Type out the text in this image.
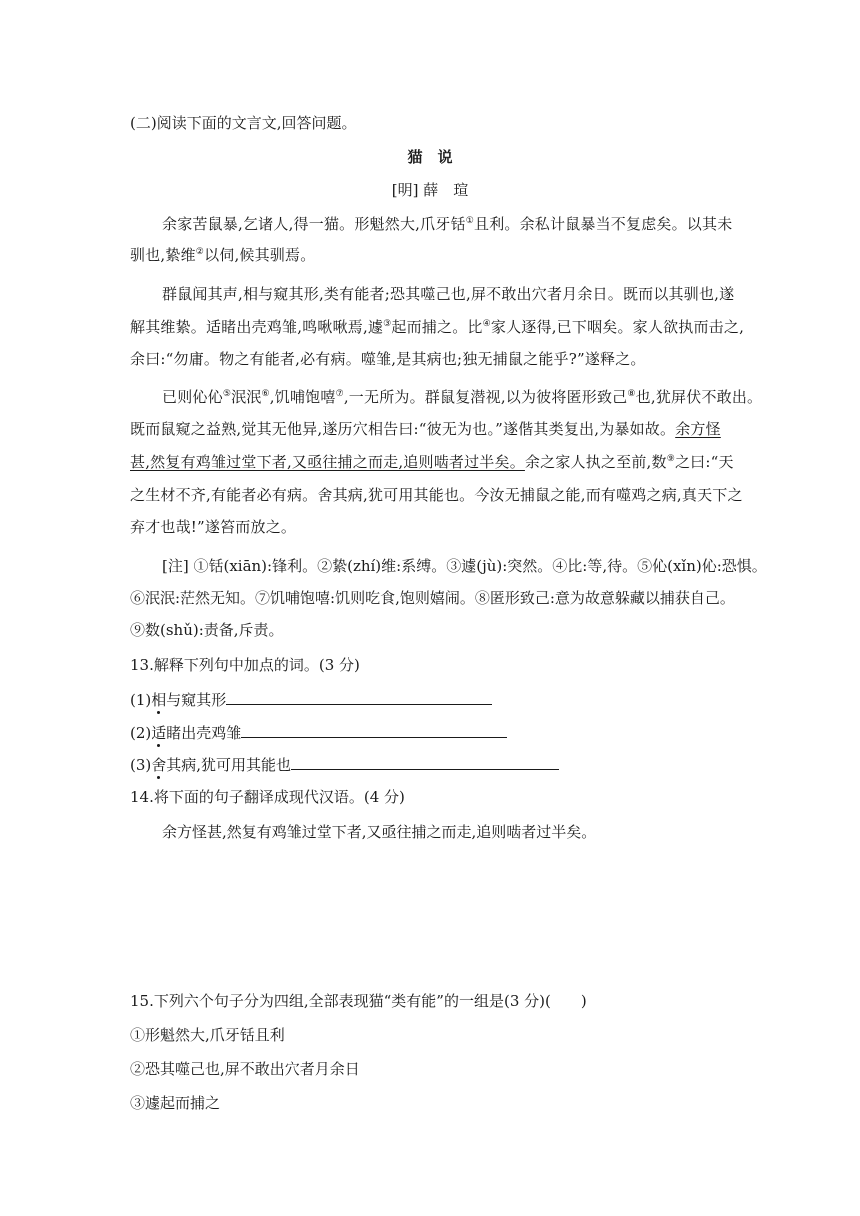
(二)阅读下面的文言文,回答问题。
猫　说
[明] 薛　瑄
余家苦鼠暴,乞诸人,得一猫。形魁然大,爪牙铦①且利。余私计鼠暴当不复虑矣。以其未
驯也,絷维②以伺,候其驯焉。
群鼠闻其声,相与窥其形,类有能者;恐其噬己也,屏不敢出穴者月余日。既而以其驯也,遂
解其维絷。适睹出壳鸡雏,鸣啾啾焉,遽③起而捕之。比④家人逐得,已下咽矣。家人欲执而击之,
余曰:“勿庸。物之有能者,必有病。噬雏,是其病也;独无捕鼠之能乎?”遂释之。
已则伈伈⑤泯泯⑥,饥哺饱嘻⑦,一无所为。群鼠复潜视,以为彼将匿形致己⑧也,犹屏伏不敢出。
既而鼠窥之益熟,觉其无他异,遂历穴相告曰:“彼无为也。”遂偕其类复出,为暴如故。余方怪
甚,然复有鸡雏过堂下者,又亟往捕之而走,追则啮者过半矣。余之家人执之至前,数⑨之曰:“天
之生材不齐,有能者必有病。舍其病,犹可用其能也。今汝无捕鼠之能,而有噬鸡之病,真天下之
弃才也哉!”遂笞而放之。
[注] ①铦(xiān):锋利。②絷(zhí)维:系缚。③遽(jù):突然。④比:等,待。⑤伈(xǐn)伈:恐惧。
⑥泯泯:茫然无知。⑦饥哺饱嘻:饥则吃食,饱则嬉闹。⑧匿形致己:意为故意躲藏以捕获自己。
⑨数(shǔ):责备,斥责。
13.解释下列句中加点的词。(3 分)
(1)相与窥其形
(2)适睹出壳鸡雏
(3)舍其病,犹可用其能也
14.将下面的句子翻译成现代汉语。(4 分)
余方怪甚,然复有鸡雏过堂下者,又亟往捕之而走,追则啮者过半矣。
15.下列六个句子分为四组,全部表现猫“类有能”的一组是(3 分)(　　)
①形魁然大,爪牙铦且利
②恐其噬己也,屏不敢出穴者月余日
③遽起而捕之
